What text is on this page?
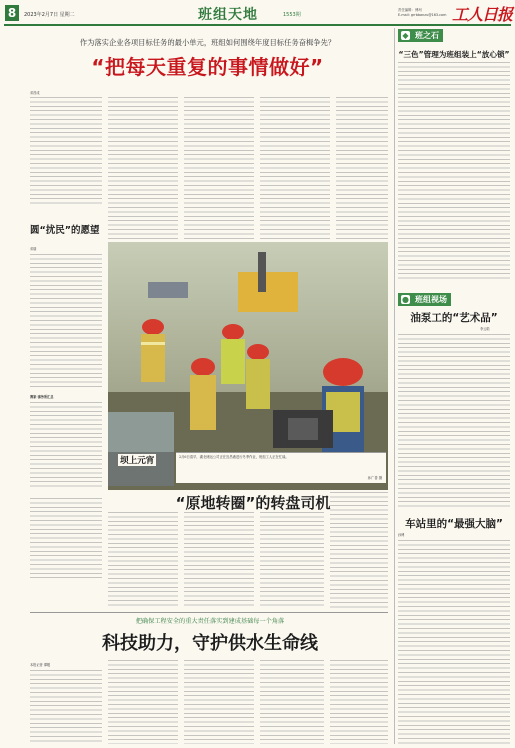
8	2023年2月7日 星期二	班组天地	1553期
责任编辑：博坷
E-mail: grrbbanzu@163.com 工人日报
作为落实企业各项目标任务的最小单元，班组如何围绕年度目标任务奋楫争先？
“把每天重复的事情做好”
邓昌成
圆“扰民”的愿望
邓瑞
赛家·事务所汇总
2月6日清早，湖北储运公司正在宜昌港进行冬季作业，班组工人正在忙碌。
孙广善 摄
坝上元宵
“原地转圈”的转盘司机
把确保工程安全的重大责任落实到建成基础每一个角落
科技助力，守护供水生命线
本报记者 谭嫒
◆ 班之石
“三色”管理为班组装上“放心锁”
● 班组视场
油泵工的“艺术品”
李云皓
车站里的“最强大脑”
孙博
